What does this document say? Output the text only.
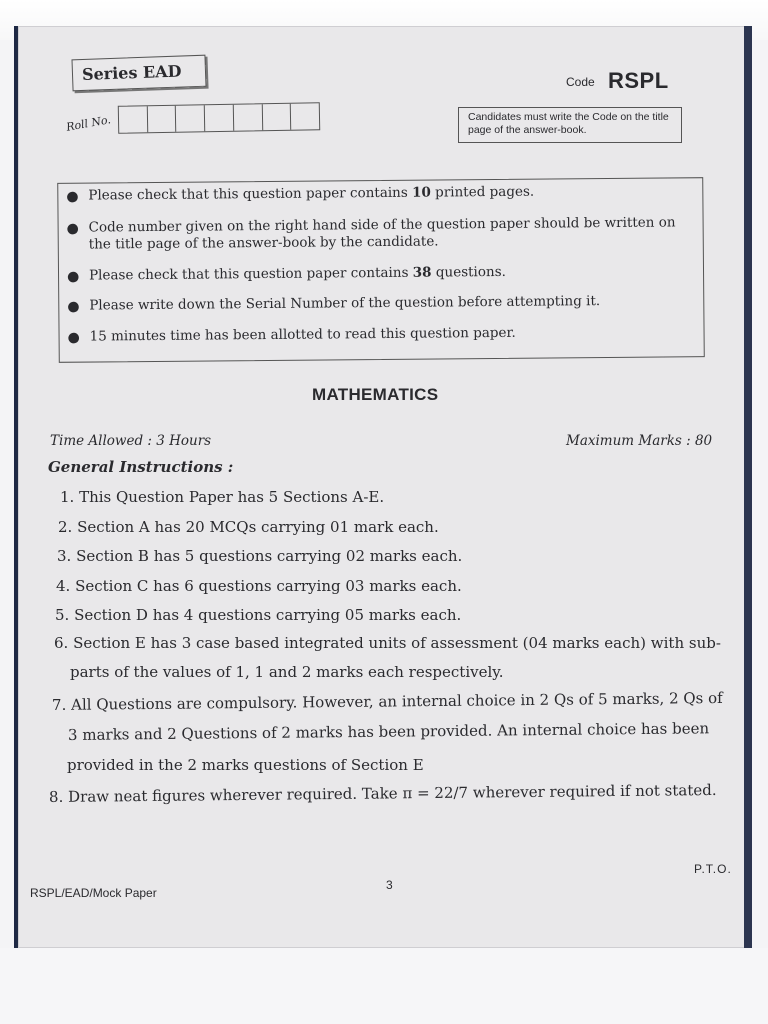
Series EAD	Code RSPL
Roll No.	Candidates must write the Code on the title page of the answer-book.
● Please check that this question paper contains 10 printed pages.
● Code number given on the right hand side of the question paper should be written on the title page of the answer-book by the candidate.
● Please check that this question paper contains 38 questions.
● Please write down the Serial Number of the question before attempting it.
● 15 minutes time has been allotted to read this question paper.
MATHEMATICS
Time Allowed : 3 Hours	Maximum Marks : 80
General Instructions :
1. This Question Paper has 5 Sections A-E.
2. Section A has 20 MCQs carrying 01 mark each.
3. Section B has 5 questions carrying 02 marks each.
4. Section C has 6 questions carrying 03 marks each.
5. Section D has 4 questions carrying 05 marks each.
6. Section E has 3 case based integrated units of assessment (04 marks each) with sub-
parts of the values of 1, 1 and 2 marks each respectively.
7. All Questions are compulsory. However, an internal choice in 2 Qs of 5 marks, 2 Qs of
3 marks and 2 Questions of 2 marks has been provided. An internal choice has been
provided in the 2 marks questions of Section E
8. Draw neat figures wherever required. Take π = 22/7 wherever required if not stated.
P.T.O.
3
RSPL/EAD/Mock Paper
